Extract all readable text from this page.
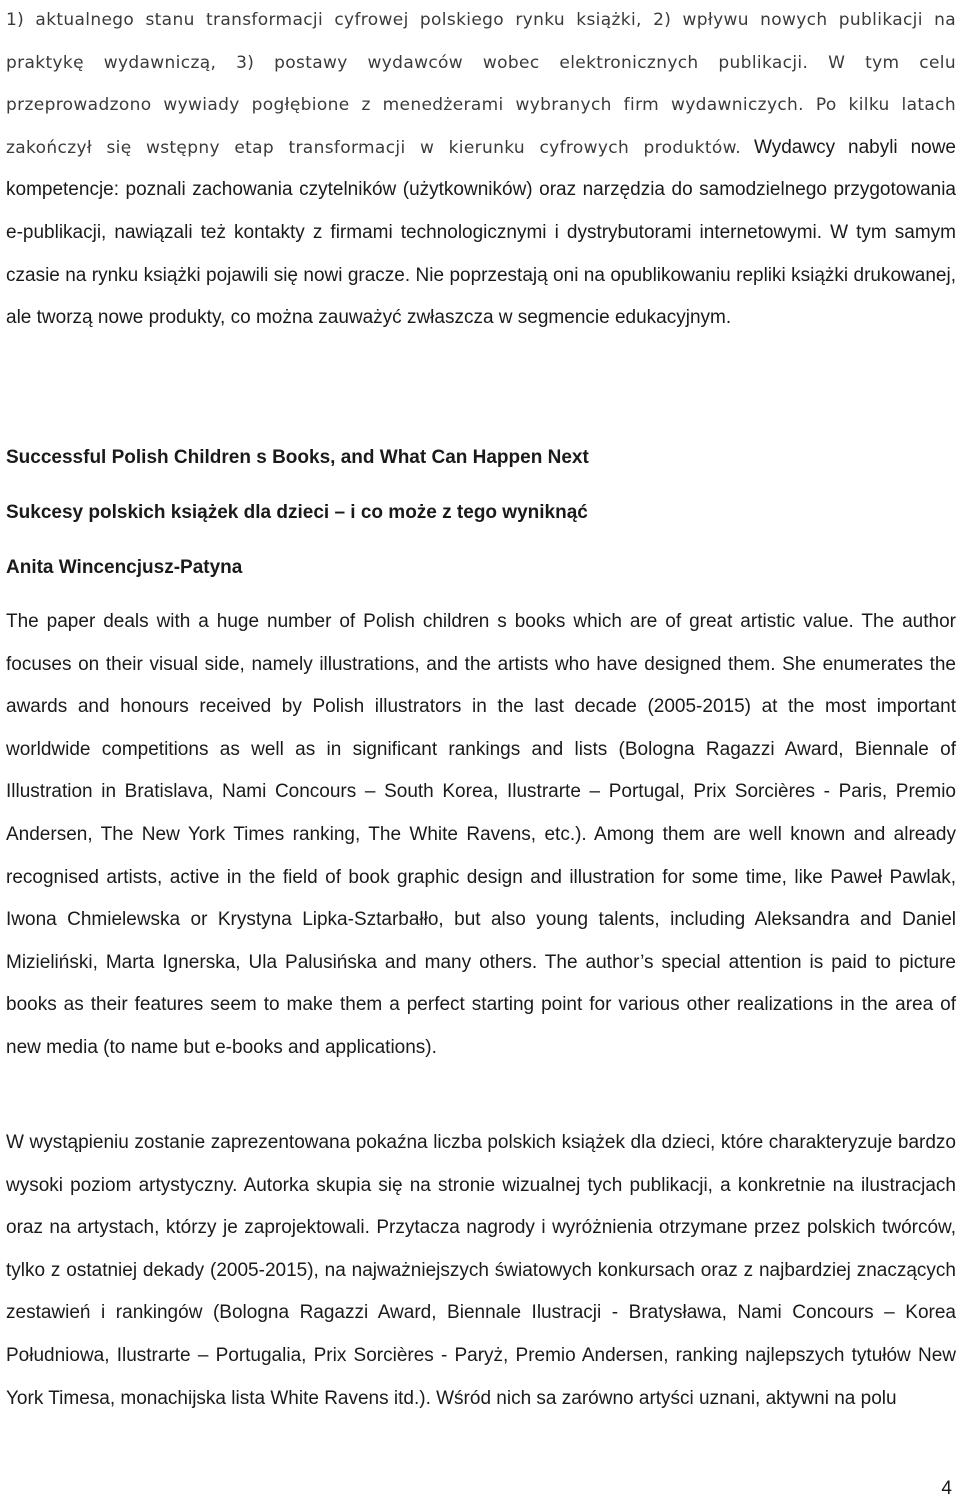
1) aktualnego stanu transformacji cyfrowej polskiego rynku książki, 2) wpływu nowych publikacji na praktykę wydawniczą, 3) postawy wydawców wobec elektronicznych publikacji. W tym celu przeprowadzono wywiady pogłębione z menedżerami wybranych firm wydawniczych. Po kilku latach zakończył się wstępny etap transformacji w kierunku cyfrowych produktów. Wydawcy nabyli nowe kompetencje: poznali zachowania czytelników (użytkowników) oraz narzędzia do samodzielnego przygotowania e-publikacji, nawiązali też kontakty z firmami technologicznymi i dystrybutorami internetowymi. W tym samym czasie na rynku książki pojawili się nowi gracze. Nie poprzestają oni na opublikowaniu repliki książki drukowanej, ale tworzą nowe produkty, co można zauważyć zwłaszcza w segmencie edukacyjnym.

Successful Polish Children s Books, and What Can Happen Next
Sukcesy polskich książek dla dzieci – i co może z tego wyniknąć
Anita Wincencjusz-Patyna

The paper deals with a huge number of Polish children s books which are of great artistic value. The author focuses on their visual side, namely illustrations, and the artists who have designed them. She enumerates the awards and honours received by Polish illustrators in the last decade (2005-2015) at the most important worldwide competitions as well as in significant rankings and lists (Bologna Ragazzi Award, Biennale of Illustration in Bratislava, Nami Concours – South Korea, Ilustrarte – Portugal, Prix Sorcières - Paris, Premio Andersen, The New York Times ranking, The White Ravens, etc.). Among them are well known and already recognised artists, active in the field of book graphic design and illustration for some time, like Paweł Pawlak, Iwona Chmielewska or Krystyna Lipka-Sztarbałło, but also young talents, including Aleksandra and Daniel Mizieliński, Marta Ignerska, Ula Palusińska and many others. The author’s special attention is paid to picture books as their features seem to make them a perfect starting point for various other realizations in the area of new media (to name but e-books and applications).

W wystąpieniu zostanie zaprezentowana pokaźna liczba polskich książek dla dzieci, które charakteryzuje bardzo wysoki poziom artystyczny. Autorka skupia się na stronie wizualnej tych publikacji, a konkretnie na ilustracjach oraz na artystach, którzy je zaprojektowali. Przytacza nagrody i wyróżnienia otrzymane przez polskich twórców, tylko z ostatniej dekady (2005-2015), na najważniejszych światowych konkursach oraz z najbardziej znaczących zestawień i rankingów (Bologna Ragazzi Award, Biennale Ilustracji - Bratysława, Nami Concours – Korea Południowa, Ilustrarte – Portugalia, Prix Sorcières - Paryż, Premio Andersen, ranking najlepszych tytułów New York Timesa, monachijska lista White Ravens itd.). Wśród nich sa zarówno artyści uznani, aktywni na polu

4
